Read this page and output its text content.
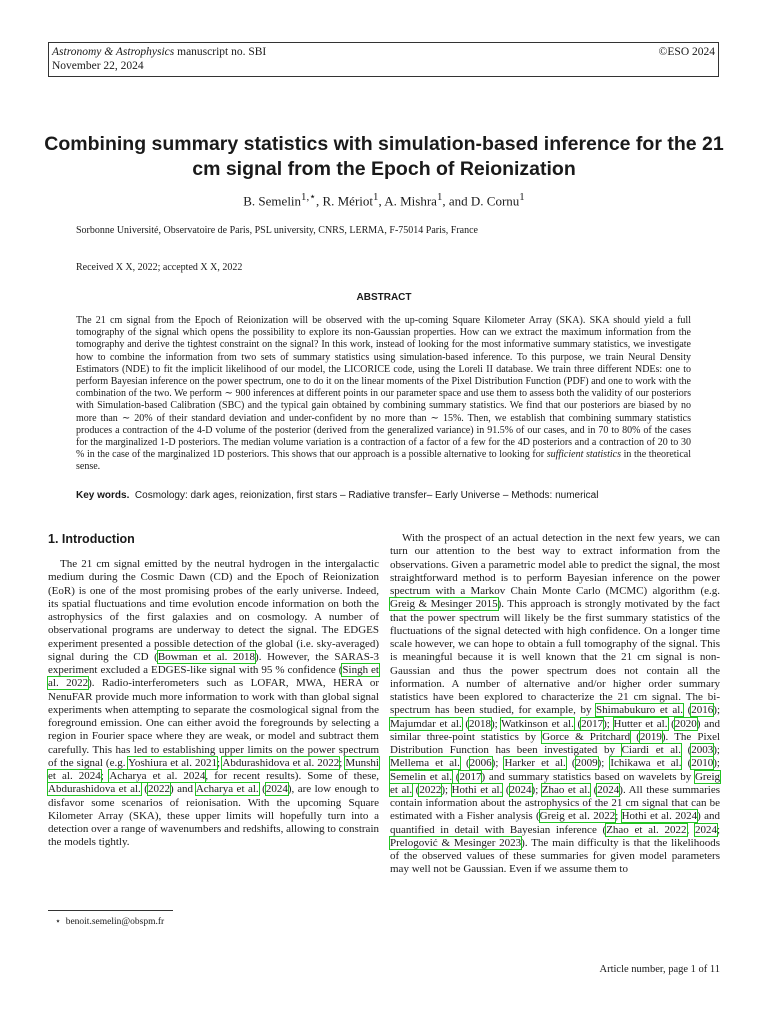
Astronomy & Astrophysics manuscript no. SBI
November 22, 2024
©ESO 2024
Combining summary statistics with simulation-based inference for the 21 cm signal from the Epoch of Reionization
B. Semelin$^{1,⋆}$, R. Mériot$^1$, A. Mishra$^1$, and D. Cornu$^1$
Sorbonne Université, Observatoire de Paris, PSL university, CNRS, LERMA, F-75014 Paris, France
Received X X, 2022; accepted X X, 2022
ABSTRACT
The 21 cm signal from the Epoch of Reionization will be observed with the up-coming Square Kilometer Array (SKA). SKA should yield a full tomography of the signal which opens the possibility to explore its non-Gaussian properties. How can we extract the maximum information from the tomography and derive the tightest constraint on the signal? In this work, instead of looking for the most informative summary statistics, we investigate how to combine the information from two sets of summary statistics using simulation-based inference. To this purpose, we train Neural Density Estimators (NDE) to fit the implicit likelihood of our model, the LICORICE code, using the Loreli II database. We train three different NDEs: one to perform Bayesian inference on the power spectrum, one to do it on the linear moments of the Pixel Distribution Function (PDF) and one to work with the combination of the two. We perform ∼ 900 inferences at different points in our parameter space and use them to assess both the validity of our posteriors with Simulation-based Calibration (SBC) and the typical gain obtained by combining summary statistics. We find that our posteriors are biased by no more than ∼ 20% of their standard deviation and under-confident by no more than ∼ 15%. Then, we establish that combining summary statistics produces a contraction of the 4-D volume of the posterior (derived from the generalized variance) in 91.5% of our cases, and in 70 to 80% of the cases for the marginalized 1-D posteriors. The median volume variation is a contraction of a factor of a few for the 4D posteriors and a contraction of 20 to 30 % in the case of the marginalized 1D posteriors. This shows that our approach is a possible alternative to looking for sufficient statistics in the theoretical sense.
Key words. Cosmology: dark ages, reionization, first stars – Radiative transfer– Early Universe – Methods: numerical
1. Introduction
The 21 cm signal emitted by the neutral hydrogen in the intergalactic medium during the Cosmic Dawn (CD) and the Epoch of Reionization (EoR) is one of the most promising probes of the early universe. Indeed, its spatial fluctuations and time evolution encode information on both the astrophysics of the first galaxies and on cosmology. A number of observational programs are underway to detect the signal. The EDGES experiment presented a possible detection of the global (i.e. sky-averaged) signal during the CD (Bowman et al. 2018). However, the SARAS-3 experiment excluded a EDGES-like signal with 95 % confidence (Singh et al. 2022). Radio-interferometers such as LOFAR, MWA, HERA or NenuFAR provide much more information to work with than global signal experiments when attempting to separate the cosmological signal from the foreground emission. One can either avoid the foregrounds by selecting a region in Fourier space where they are weak, or model and subtract them carefully. This has led to establishing upper limits on the power spectrum of the signal (e.g. Yoshiura et al. 2021; Abdurashidova et al. 2022; Munshi et al. 2024; Acharya et al. 2024, for recent results). Some of these, Abdurashidova et al. (2022) and Acharya et al. (2024), are low enough to disfavor some scenarios of reionisation. With the upcoming Square Kilometer Array (SKA), these upper limits will hopefully turn into a detection over a range of wavenumbers and redshifts, allowing to constrain the models tightly.
With the prospect of an actual detection in the next few years, we can turn our attention to the best way to extract information from the observations. Given a parametric model able to predict the signal, the most straightforward method is to perform Bayesian inference on the power spectrum with a Markov Chain Monte Carlo (MCMC) algorithm (e.g. Greig & Mesinger 2015). This approach is strongly motivated by the fact that the power spectrum will likely be the first summary statistics of the fluctuations of the signal detected with high confidence. On a longer time scale however, we can hope to obtain a full tomography of the signal. This is meaningful because it is well known that the 21 cm signal is non-Gaussian and thus the power spectrum does not contain all the information. A number of alternative and/or higher order summary statistics have been explored to characterize the 21 cm signal. The bi-spectrum has been studied, for example, by Shimabukuro et al. (2016); Majumdar et al. (2018); Watkinson et al. (2017); Hutter et al. (2020) and similar three-point statistics by Gorce & Pritchard (2019). The Pixel Distribution Function has been investigated by Ciardi et al. (2003); Mellema et al. (2006); Harker et al. (2009); Ichikawa et al. (2010); Semelin et al. (2017) and summary statistics based on wavelets by Greig et al. (2022); Hothi et al. (2024); Zhao et al. (2024). All these summaries contain information about the astrophysics of the 21 cm signal that can be estimated with a Fisher analysis (Greig et al. 2022; Hothi et al. 2024) and quantified in detail with Bayesian inference (Zhao et al. 2022, 2024; Prelogović & Mesinger 2023). The main difficulty is that the likelihoods of the observed values of these summaries for given model parameters may well not be Gaussian. Even if we assume them to
⋆ benoit.semelin@obspm.fr
Article number, page 1 of 11
